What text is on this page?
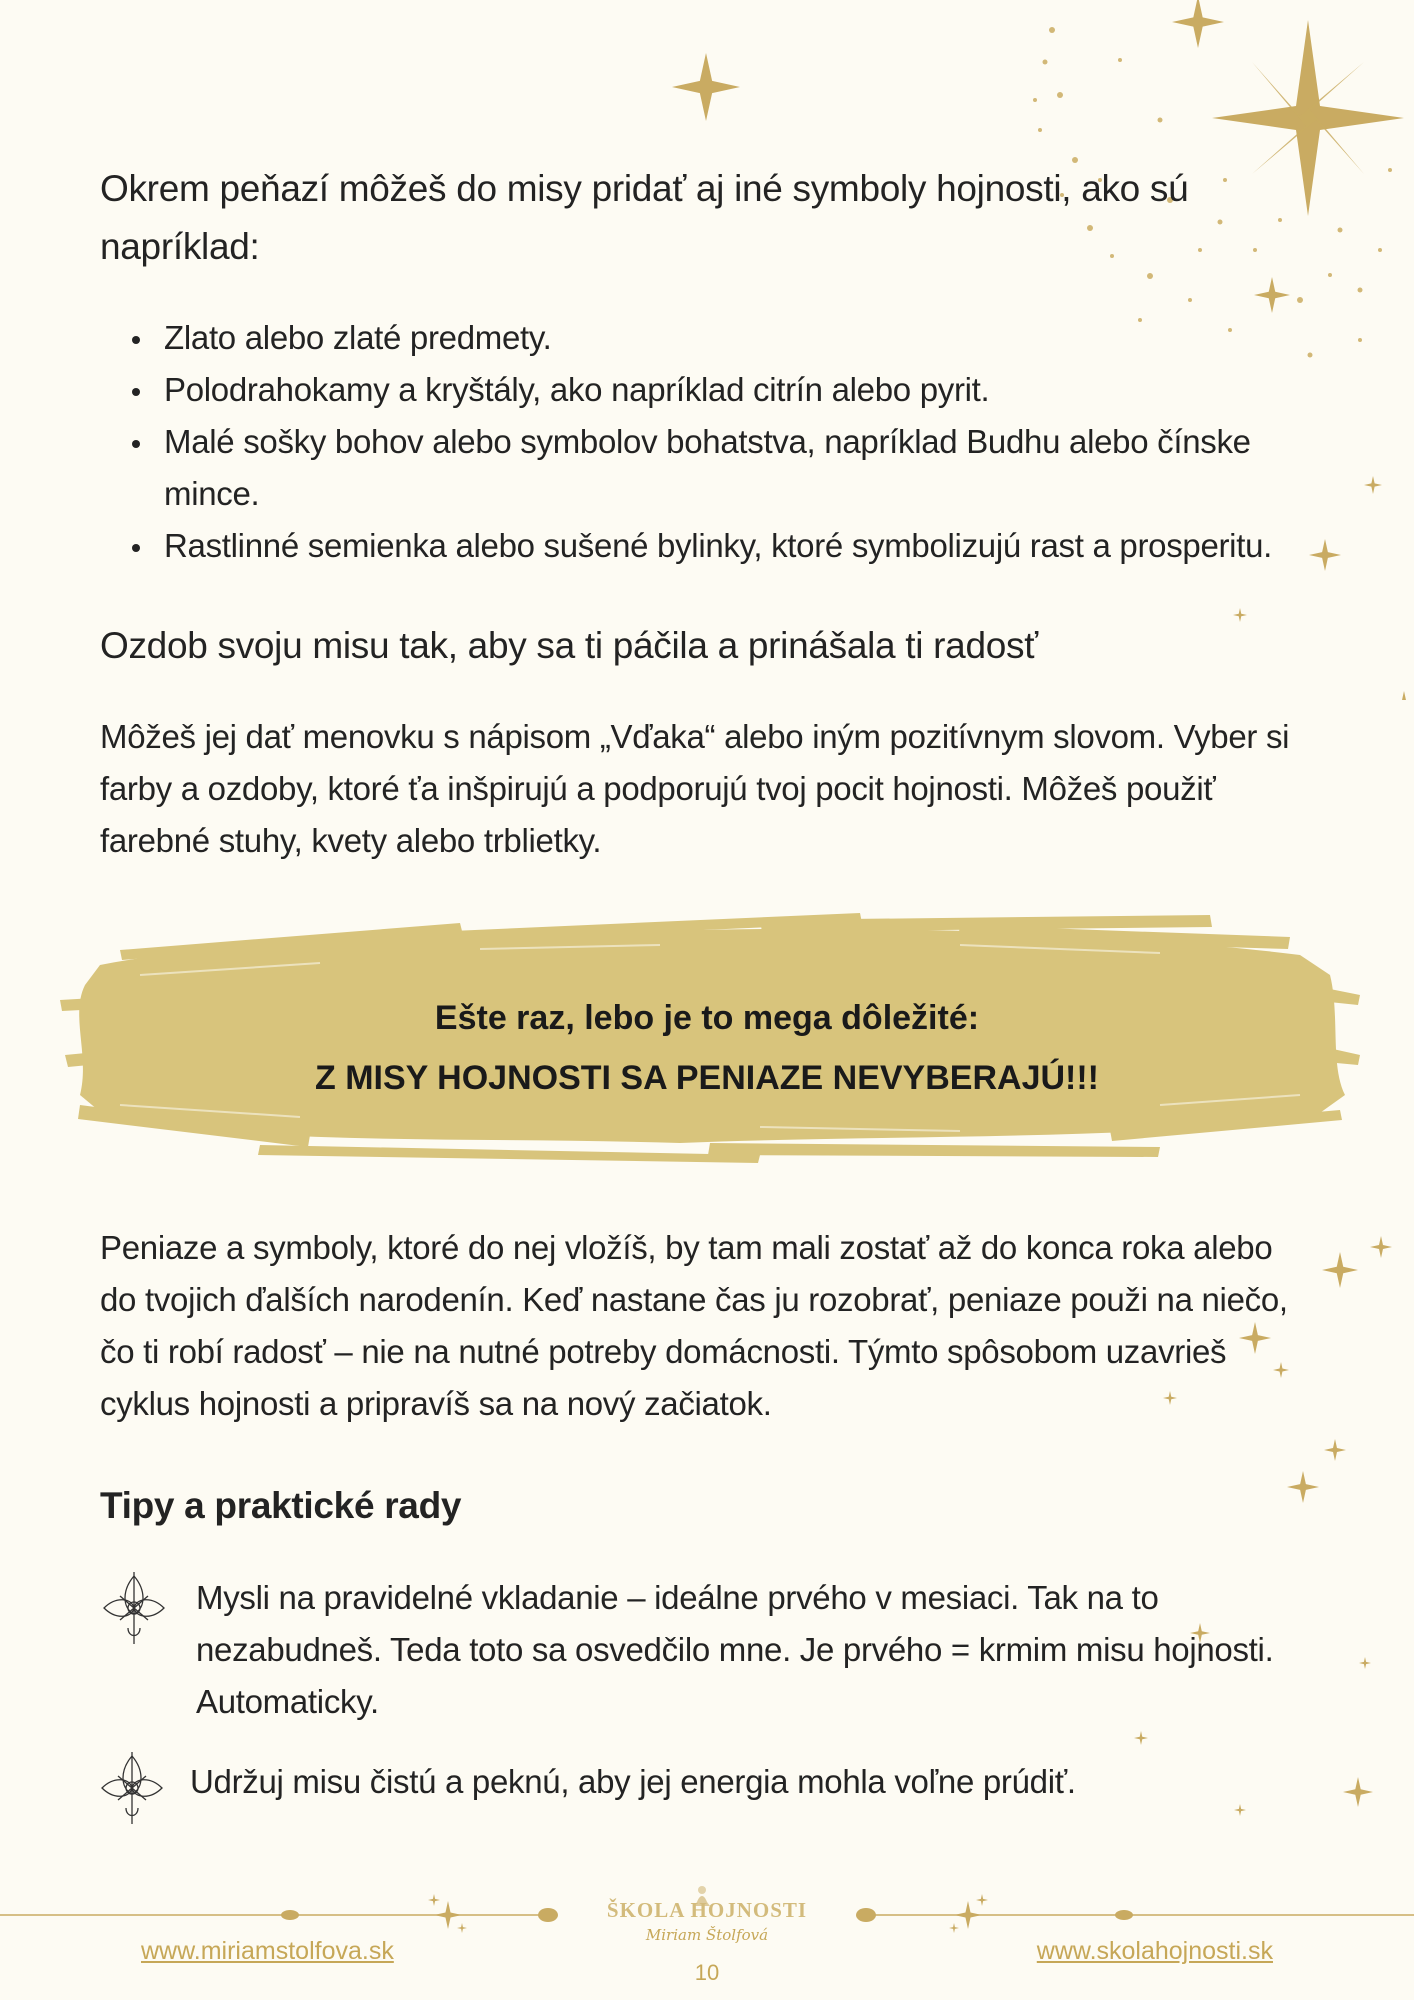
Okrem peňazí môžeš do misy pridať aj iné symboly hojnosti, ako sú napríklad:
Zlato alebo zlaté predmety.
Polodrahokamy a kryštály, ako napríklad citrín alebo pyrit.
Malé sošky bohov alebo symbolov bohatstva, napríklad Budhu alebo čínske mince.
Rastlinné semienka alebo sušené bylinky, ktoré symbolizujú rast a prosperitu.
Ozdob svoju misu tak, aby sa ti páčila a prinášala ti radosť
Môžeš jej dať menovku s nápisom „Vďaka“ alebo iným pozitívnym slovom. Vyber si farby a ozdoby, ktoré ťa inšpirujú a podporujú tvoj pocit hojnosti. Môžeš použiť farebné stuhy, kvety alebo trblietky.
Ešte raz, lebo je to mega dôležité:
Z MISY HOJNOSTI SA PENIAZE NEVYBERAJÚ!!!
Peniaze a symboly, ktoré do nej vložíš, by tam mali zostať až do konca roka alebo do tvojich ďalších narodenín. Keď nastane čas ju rozobrať, peniaze použi na niečo, čo ti robí radosť – nie na nutné potreby domácnosti. Týmto spôsobom uzavrieš cyklus hojnosti a pripravíš sa na nový začiatok.
Tipy a praktické rady
Mysli na pravidelné vkladanie – ideálne prvého v mesiaci. Tak na to nezabudneš. Teda toto sa osvedčilo mne. Je prvého = krmim misu hojnosti. Automaticky.
Udržuj misu čistú a peknú, aby jej energia mohla voľne prúdiť.
ŠKOLA HOJNOSTI
Miriam Štolfová
www.miriamstolfova.sk	www.skolahojnosti.sk
10
